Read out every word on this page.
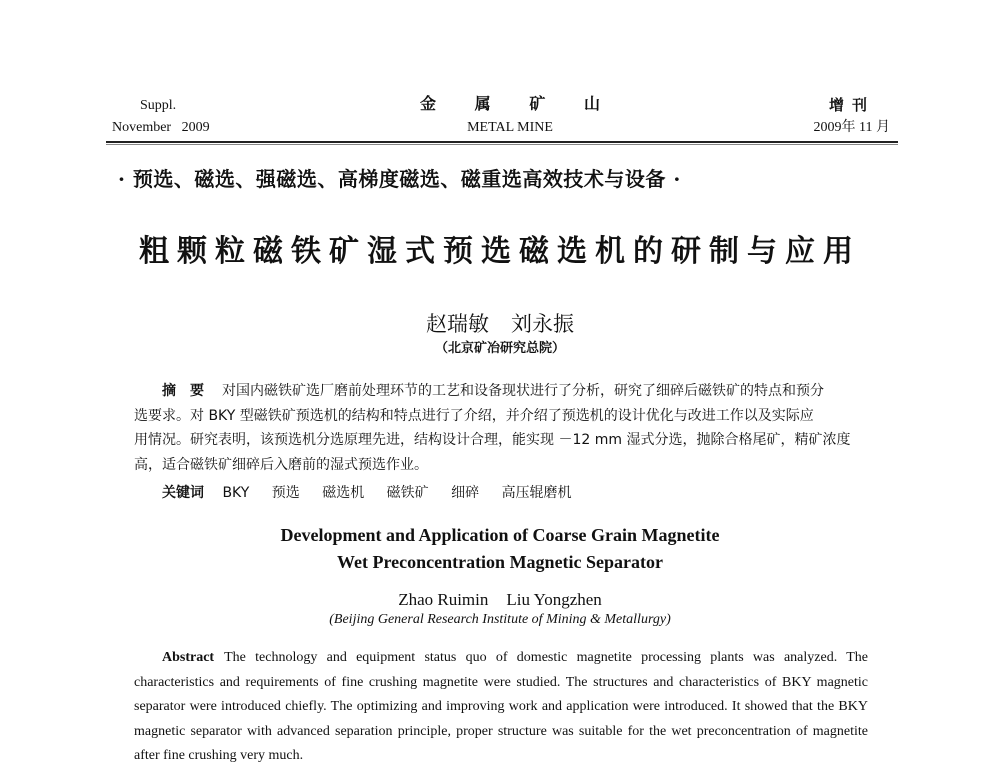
Suppl.
November   2009
金 属 矿 山
METAL MINE
增刊
2009年 11 月
· 预选、磁选、强磁选、高梯度磁选、磁重选高效技术与设备 ·
粗颗粒磁铁矿湿式预选磁选机的研制与应用
赵瑞敏 刘永振
（北京矿冶研究总院）
摘要 对国内磁铁矿选厂磨前处理环节的工艺和设备现状进行了分析，研究了细碎后磁铁矿的特点和预分
选要求。对 BKY 型磁铁矿预选机的结构和特点进行了介绍，并介绍了预选机的设计优化与改进工作以及实际应
用情况。研究表明，该预选机分选原理先进，结构设计合理，能实现 －12 mm 湿式分选，抛除合格尾矿，精矿浓度
高，适合磁铁矿细碎后入磨前的湿式预选作业。
关键词 BKY 预选 磁选机 磁铁矿 细碎 高压辊磨机
Development and Application of Coarse Grain Magnetite
Wet Preconcentration Magnetic Separator
Zhao Ruimin Liu Yongzhen
(Beijing General Research Institute of Mining & Metallurgy)

Abstract The technology and equipment status quo of domestic magnetite processing plants was analyzed. The characteristics and requirements of fine crushing magnetite were studied. The structures and characteristics of BKY magnetic separator were introduced chiefly. The optimizing and improving work and application were introduced. It showed that the BKY magnetic separator with advanced separation principle, proper structure was suitable for the wet preconcentration of magnetite after fine crushing very much.
